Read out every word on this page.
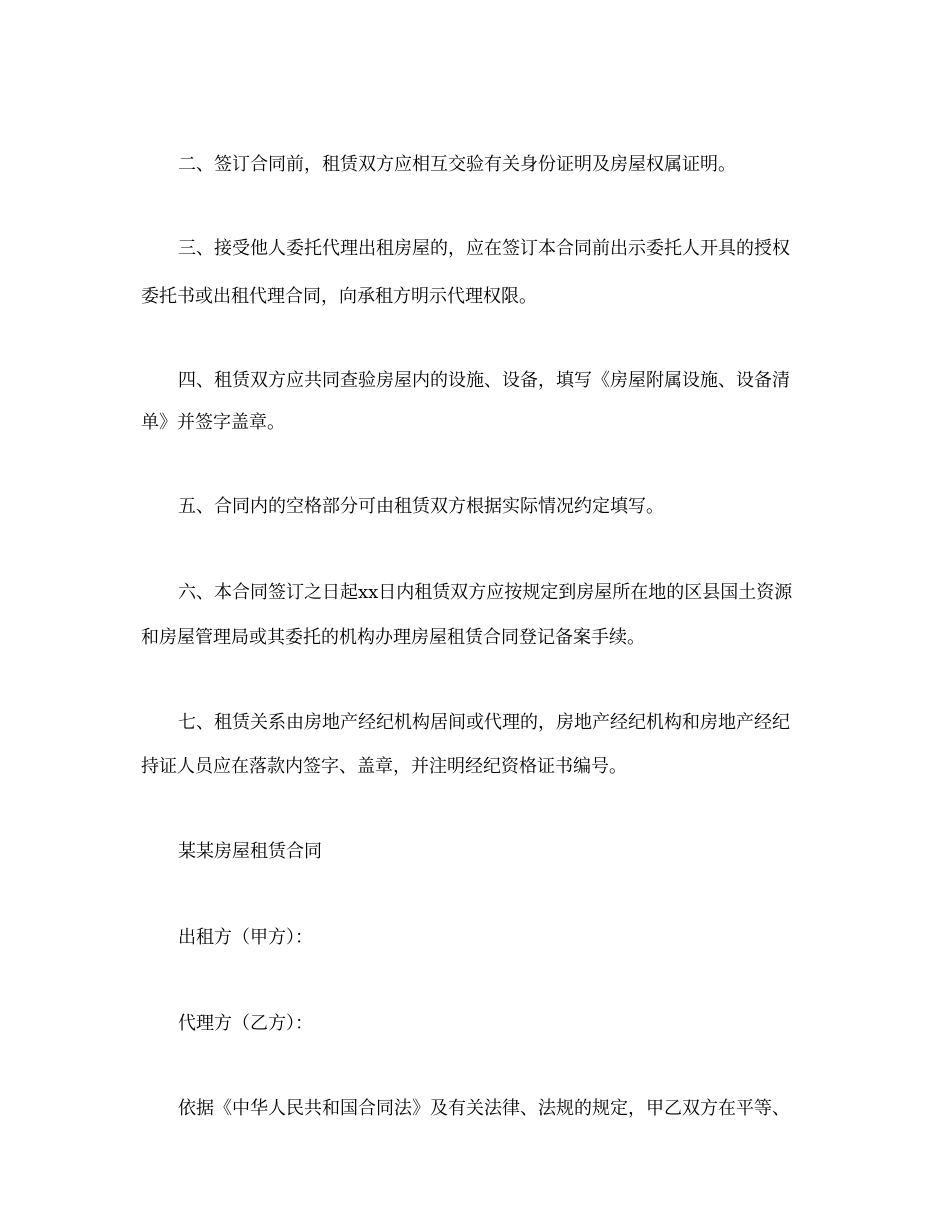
二、签订合同前，租赁双方应相互交验有关身份证明及房屋权属证明。
三、接受他人委托代理出租房屋的，应在签订本合同前出示委托人开具的授权
委托书或出租代理合同，向承租方明示代理权限。
四、租赁双方应共同查验房屋内的设施、设备，填写《房屋附属设施、设备清
单》并签字盖章。
五、合同内的空格部分可由租赁双方根据实际情况约定填写。
六、本合同签订之日起xx日内租赁双方应按规定到房屋所在地的区县国土资源
和房屋管理局或其委托的机构办理房屋租赁合同登记备案手续。
七、租赁关系由房地产经纪机构居间或代理的，房地产经纪机构和房地产经纪
持证人员应在落款内签字、盖章，并注明经纪资格证书编号。
某某房屋租赁合同
出租方（甲方）：
代理方（乙方）：
依据《中华人民共和国合同法》及有关法律、法规的规定，甲乙双方在平等、
